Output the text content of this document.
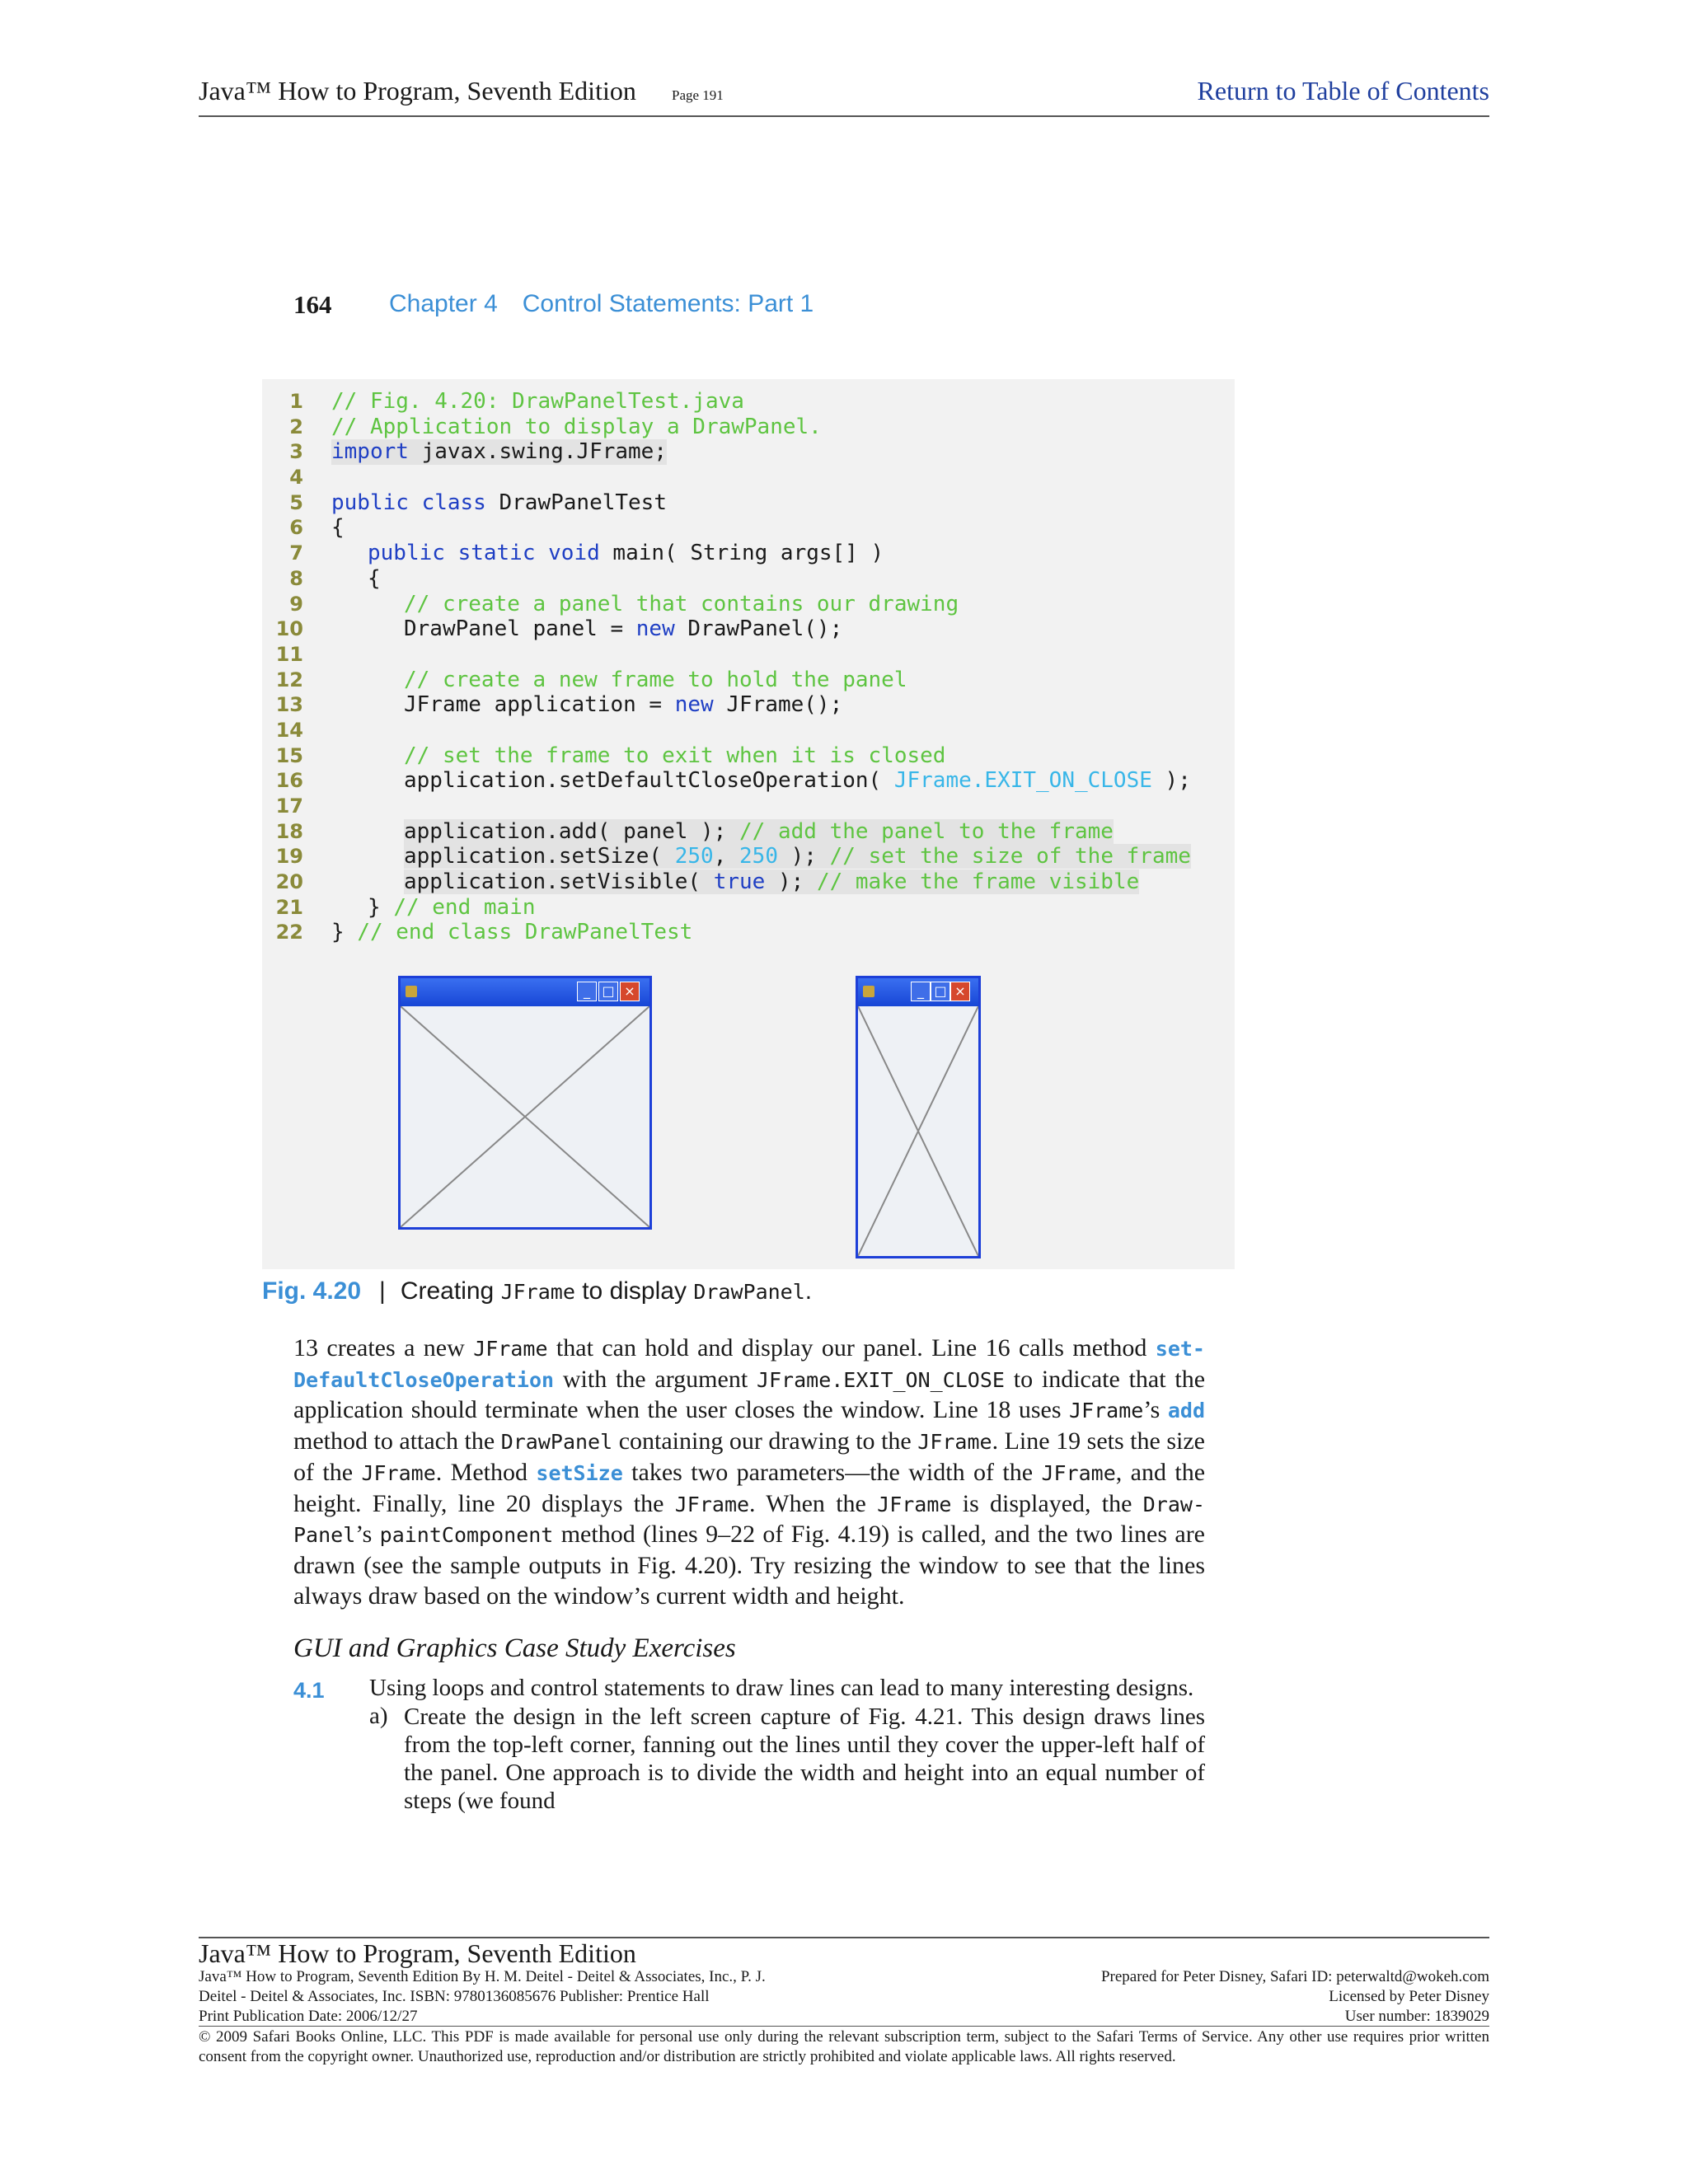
Java™ How to Program, Seventh Edition	Page 191	Return to Table of Contents
164 Chapter 4 Control Statements: Part 1
1 // Fig. 4.20: DrawPanelTest.java
2 // Application to display a DrawPanel.
3 import javax.swing.JFrame;
4
5 public class DrawPanelTest
6 {
7	public static void main( String args[] )
8	{
9	// create a panel that contains our drawing
10	DrawPanel panel = new DrawPanel();
11
12	// create a new frame to hold the panel
13	JFrame application = new JFrame();
14
15	// set the frame to exit when it is closed
16	application.setDefaultCloseOperation( JFrame.EXIT_ON_CLOSE );
17
18	application.add( panel ); // add the panel to the frame
19	application.setSize( 250, 250 ); // set the size of the frame
20	application.setVisible( true ); // make the frame visible
21	} // end main
22 } // end class DrawPanelTest
_ □ ×	_ □ ×
Fig. 4.20 | Creating JFrame to display DrawPanel.
13 creates a new JFrame that can hold and display our panel. Line 16 calls method set-DefaultCloseOperation with the argument JFrame.EXIT_ON_CLOSE to indicate that the application should terminate when the user closes the window. Line 18 uses JFrame’s add method to attach the DrawPanel containing our drawing to the JFrame. Line 19 sets the size of the JFrame. Method setSize takes two parameters—the width of the JFrame, and the height. Finally, line 20 displays the JFrame. When the JFrame is displayed, the Draw-Panel’s paintComponent method (lines 9–22 of Fig. 4.19) is called, and the two lines are drawn (see the sample outputs in Fig. 4.20). Try resizing the window to see that the lines always draw based on the window’s current width and height.
GUI and Graphics Case Study Exercises
4.1 Using loops and control statements to draw lines can lead to many interesting designs.
a) Create the design in the left screen capture of Fig. 4.21. This design draws lines from the top-left corner, fanning out the lines until they cover the upper-left half of the panel. One approach is to divide the width and height into an equal number of steps (we found
Java™ How to Program, Seventh Edition
Java™ How to Program, Seventh Edition By H. M. Deitel - Deitel & Associates, Inc., P. J.
Deitel - Deitel & Associates, Inc. ISBN: 9780136085676 Publisher: Prentice Hall
Print Publication Date: 2006/12/27
Prepared for Peter Disney, Safari ID: peterwaltd@wokeh.com
Licensed by Peter Disney
User number: 1839029
© 2009 Safari Books Online, LLC. This PDF is made available for personal use only during the relevant subscription term, subject to the Safari Terms of Service. Any other use requires prior written consent from the copyright owner. Unauthorized use, reproduction and/or distribution are strictly prohibited and violate applicable laws. All rights reserved.
